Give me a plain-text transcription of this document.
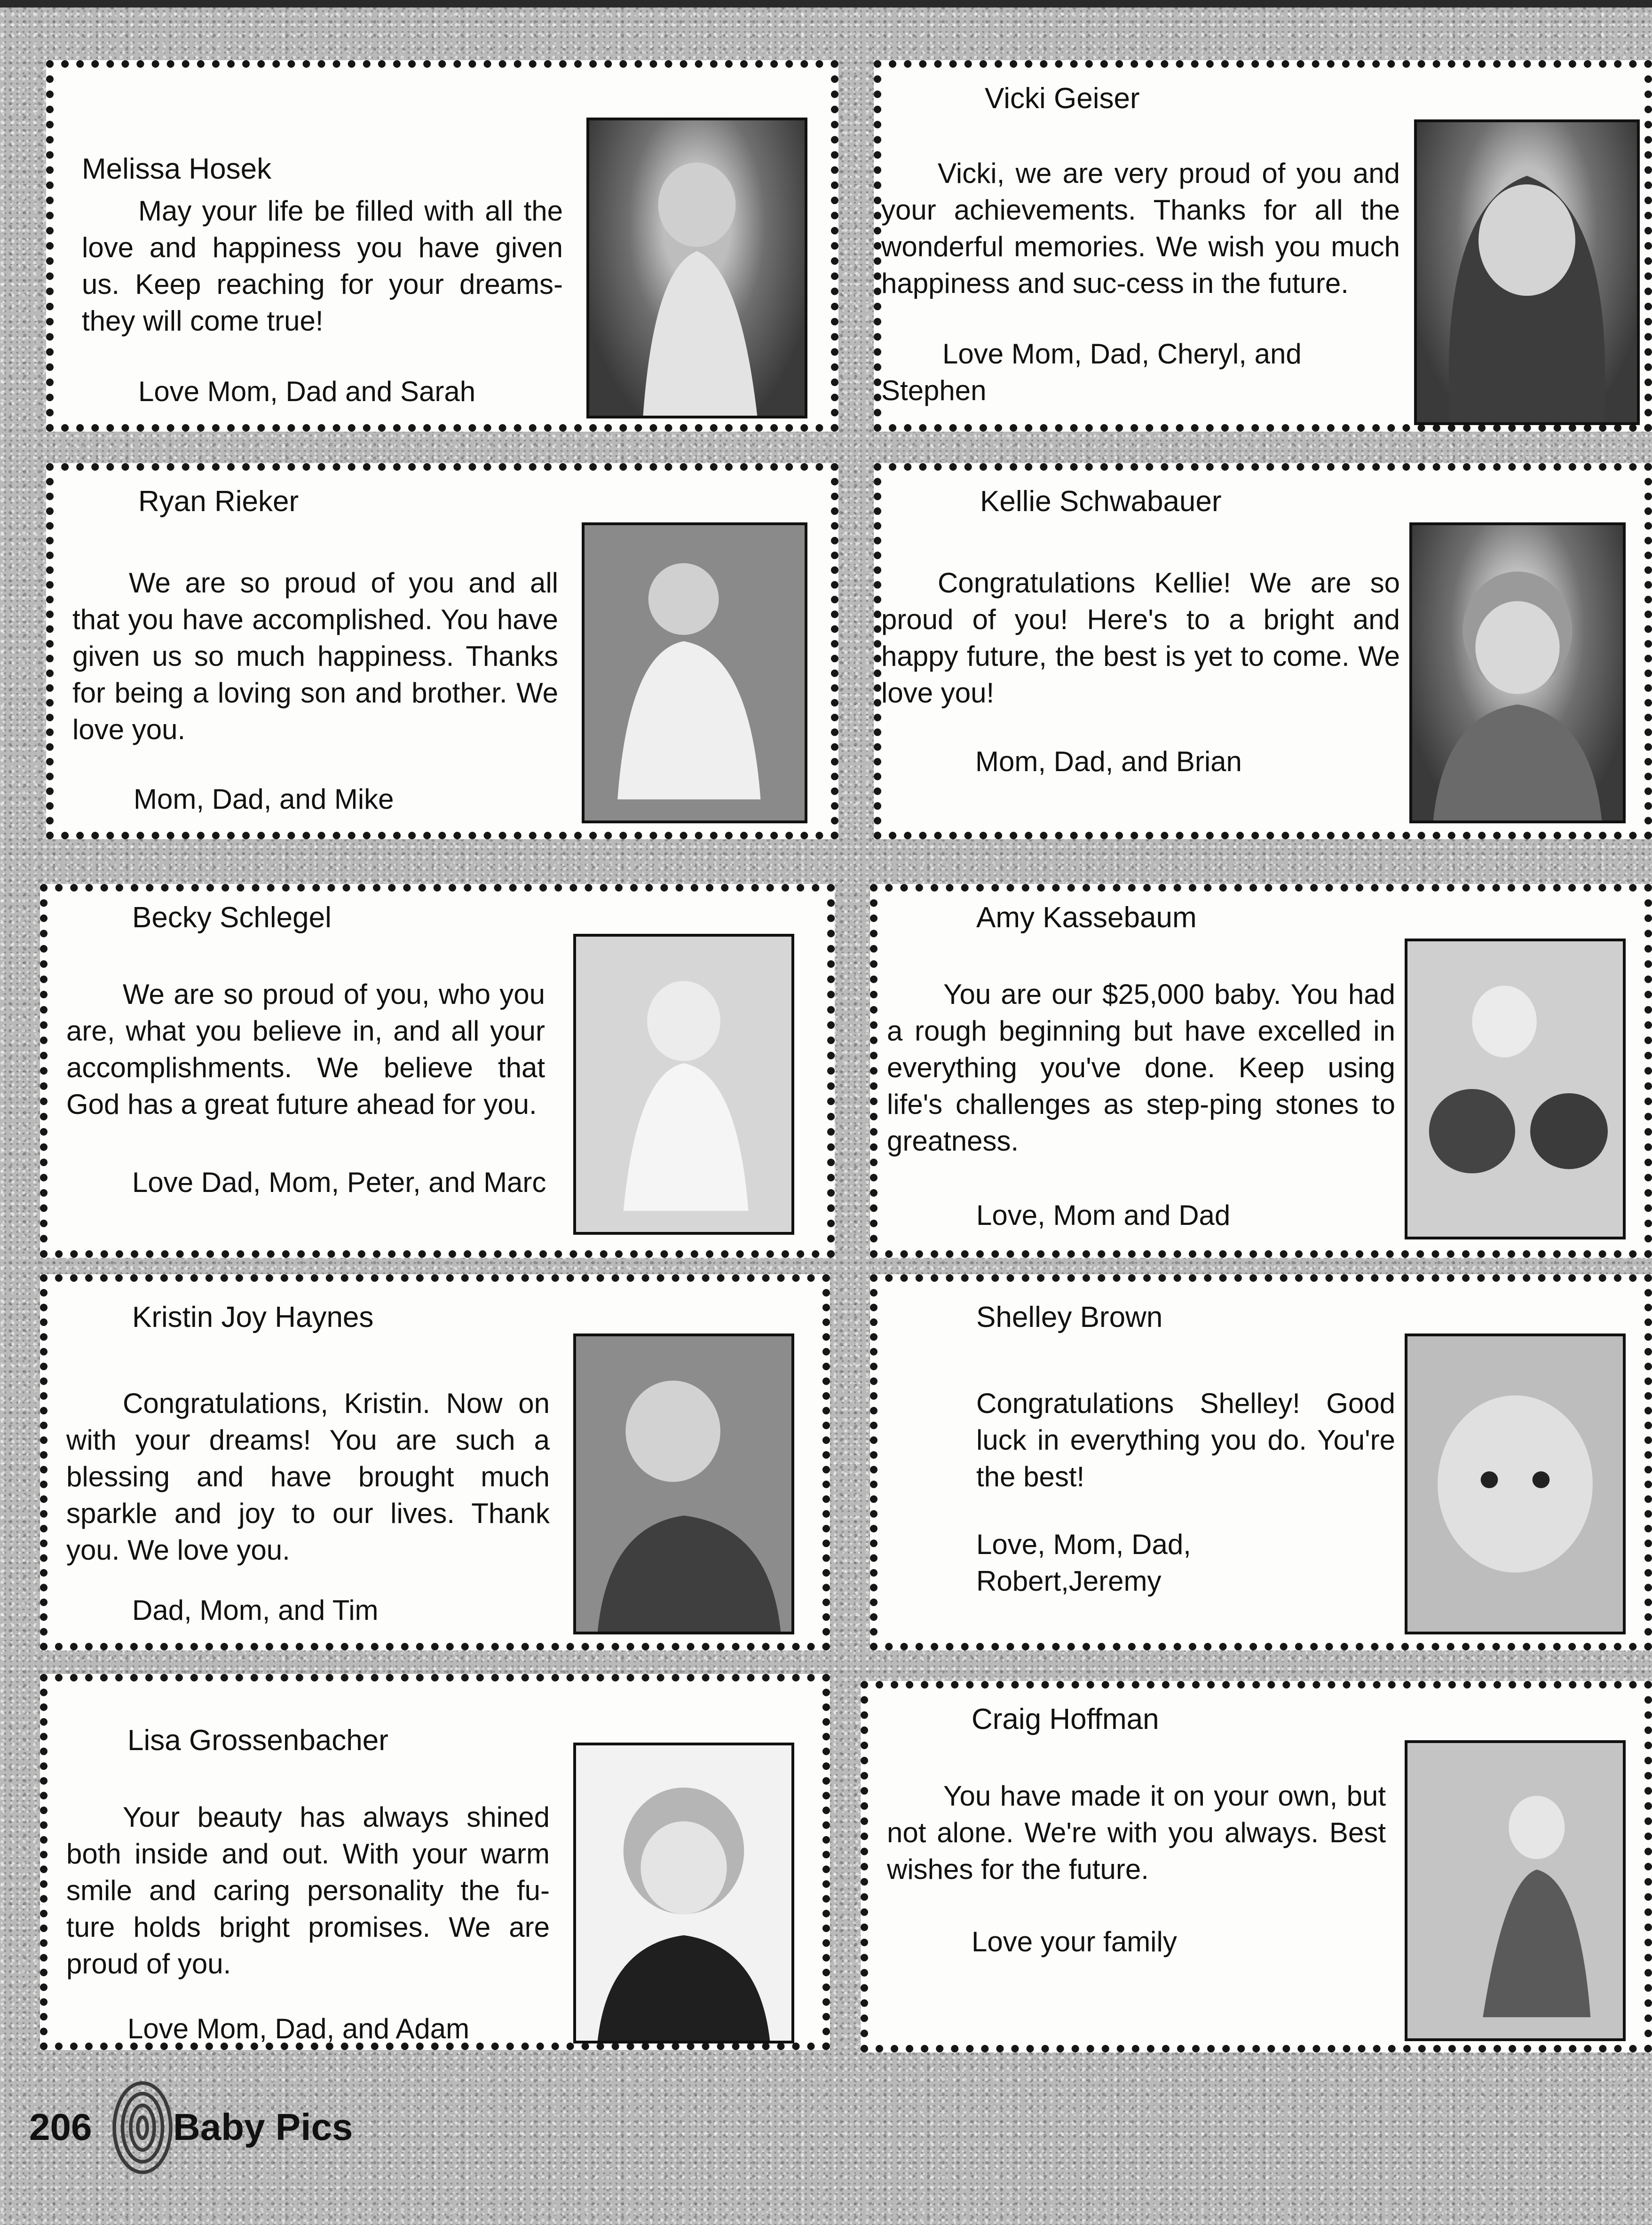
Melissa Hosek
May your life be filled with all the love and happiness you have given us. Keep reaching for your dreams-they will come true!
Love Mom, Dad and Sarah
Vicki Geiser
Vicki, we are very proud of you and your achievements. Thanks for all the wonderful memories. We wish you much happiness and suc-cess in the future.
Love Mom, Dad, Cheryl, and Stephen
Ryan Rieker
We are so proud of you and all that you have accomplished. You have given us so much happiness. Thanks for being a loving son and brother. We love you.
Mom, Dad, and Mike
Kellie Schwabauer
Congratulations Kellie! We are so proud of you! Here's to a bright and happy future, the best is yet to come. We love you!
Mom, Dad, and Brian
Becky Schlegel
We are so proud of you, who you are, what you believe in, and all your accomplishments. We believe that God has a great future ahead for you.
Love Dad, Mom, Peter, and Marc
Amy Kassebaum
You are our $25,000 baby. You had a rough beginning but have excelled in everything you've done. Keep using life's challenges as step-ping stones to greatness.
Love, Mom and Dad
Kristin Joy Haynes
Congratulations, Kristin. Now on with your dreams! You are such a blessing and have brought much sparkle and joy to our lives. Thank you. We love you.
Dad, Mom, and Tim
Shelley Brown
Congratulations Shelley! Good luck in everything you do. You're the best!
Love, Mom, Dad,
Robert,Jeremy
Lisa Grossenbacher
Your beauty has always shined both inside and out. With your warm smile and caring personality the fu-ture holds bright promises. We are proud of you.
Love Mom, Dad, and Adam
Craig Hoffman
You have made it on your own, but not alone. We're with you always. Best wishes for the future.
Love your family
206 Baby Pics
